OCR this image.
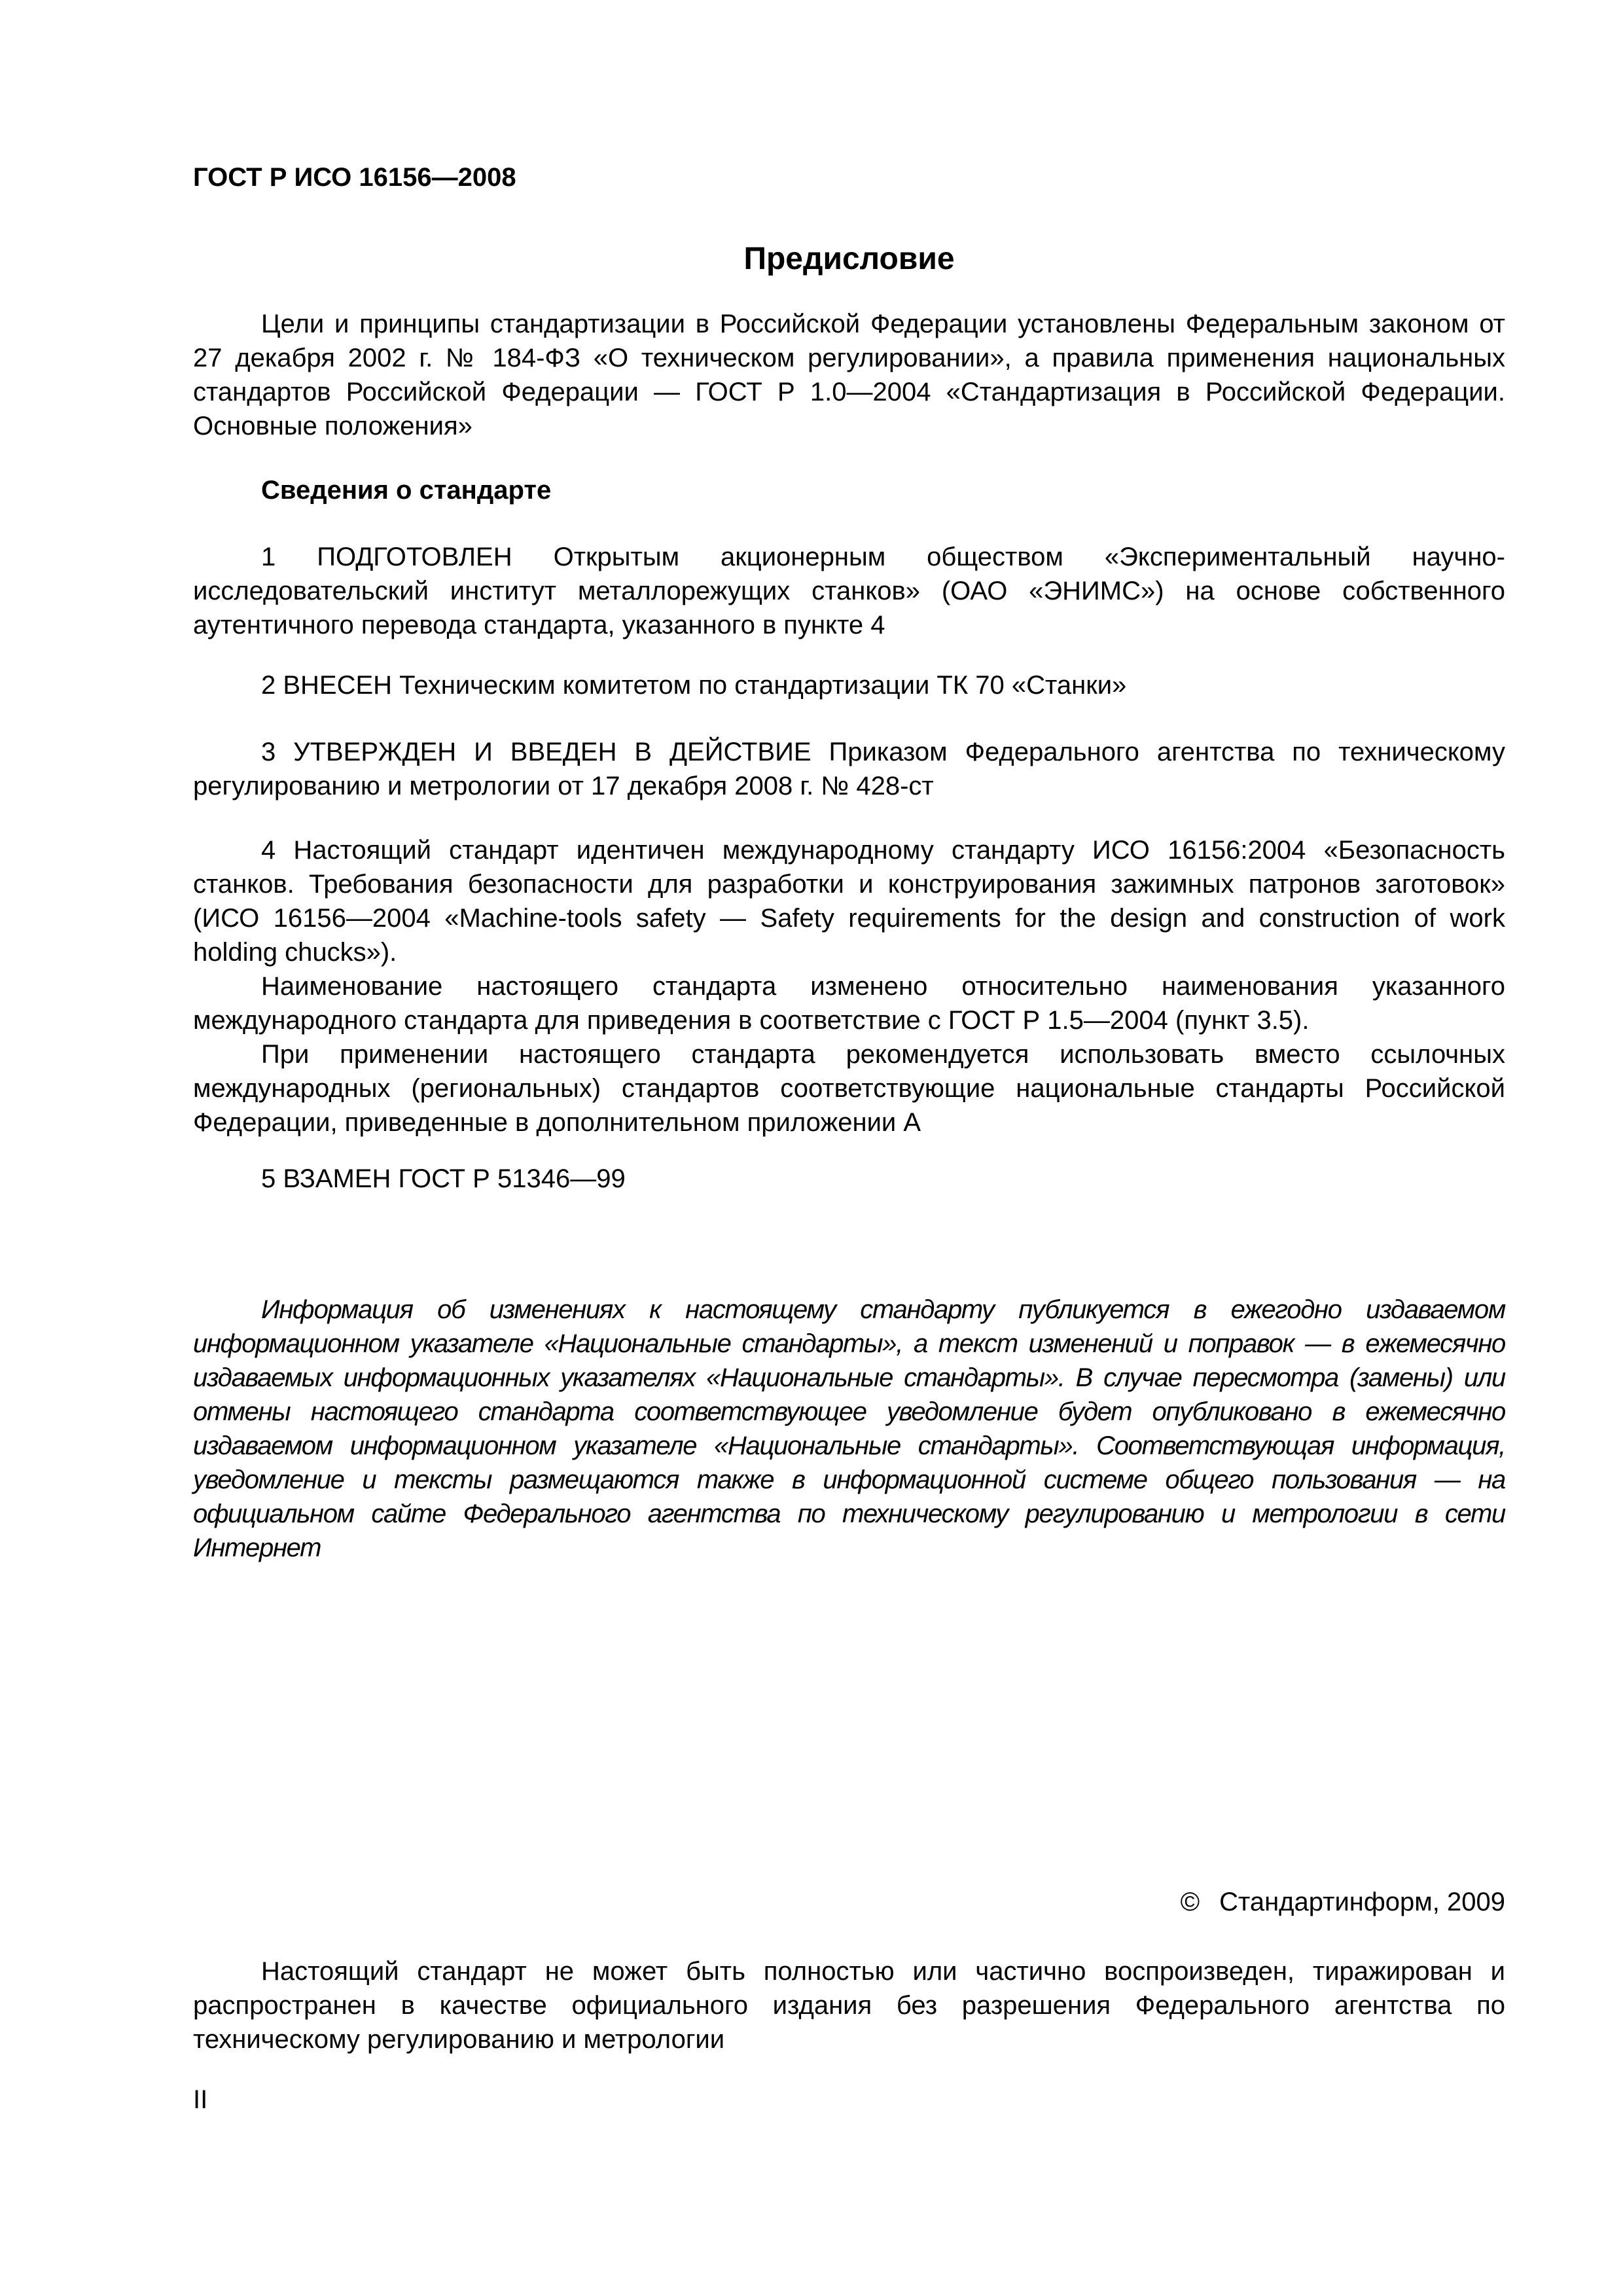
ГОСТ Р ИСО 16156—2008
Предисловие

Цели и принципы стандартизации в Российской Федерации установлены Федеральным законом от 27 декабря 2002 г. № 184-ФЗ «О техническом регулировании», а правила применения национальных стандартов Российской Федерации — ГОСТ Р 1.0—2004 «Стандартизация в Российской Федерации. Основные положения»

Сведения о стандарте

1 ПОДГОТОВЛЕН Открытым акционерным обществом «Экспериментальный научно-исследовательский институт металлорежущих станков» (ОАО «ЭНИМС») на основе собственного аутентичного перевода стандарта, указанного в пункте 4

2 ВНЕСЕН Техническим комитетом по стандартизации ТК 70 «Станки»

3 УТВЕРЖДЕН И ВВЕДЕН В ДЕЙСТВИЕ Приказом Федерального агентства по техническому регулированию и метрологии от 17 декабря 2008 г. № 428-ст

4 Настоящий стандарт идентичен международному стандарту ИСО 16156:2004 «Безопасность станков. Требования безопасности для разработки и конструирования зажимных патронов заготовок» (ИСО 16156—2004 «Machine-tools safety — Safety requirements for the design and construction of work holding chucks»).

Наименование настоящего стандарта изменено относительно наименования указанного международного стандарта для приведения в соответствие с ГОСТ Р 1.5—2004 (пункт 3.5).

При применении настоящего стандарта рекомендуется использовать вместо ссылочных международных (региональных) стандартов соответствующие национальные стандарты Российской Федерации, приведенные в дополнительном приложении А

5 ВЗАМЕН ГОСТ Р 51346—99

Информация об изменениях к настоящему стандарту публикуется в ежегодно издаваемом информационном указателе «Национальные стандарты», а текст изменений и поправок — в ежемесячно издаваемых информационных указателях «Национальные стандарты». В случае пересмотра (замены) или отмены настоящего стандарта соответствующее уведомление будет опубликовано в ежемесячно издаваемом информационном указателе «Национальные стандарты». Соответствующая информация, уведомление и тексты размещаются также в информационной системе общего пользования — на официальном сайте Федерального агентства по техническому регулированию и метрологии в сети Интернет

© Стандартинформ, 2009

Настоящий стандарт не может быть полностью или частично воспроизведен, тиражирован и распространен в качестве официального издания без разрешения Федерального агентства по техническому регулированию и метрологии

II
